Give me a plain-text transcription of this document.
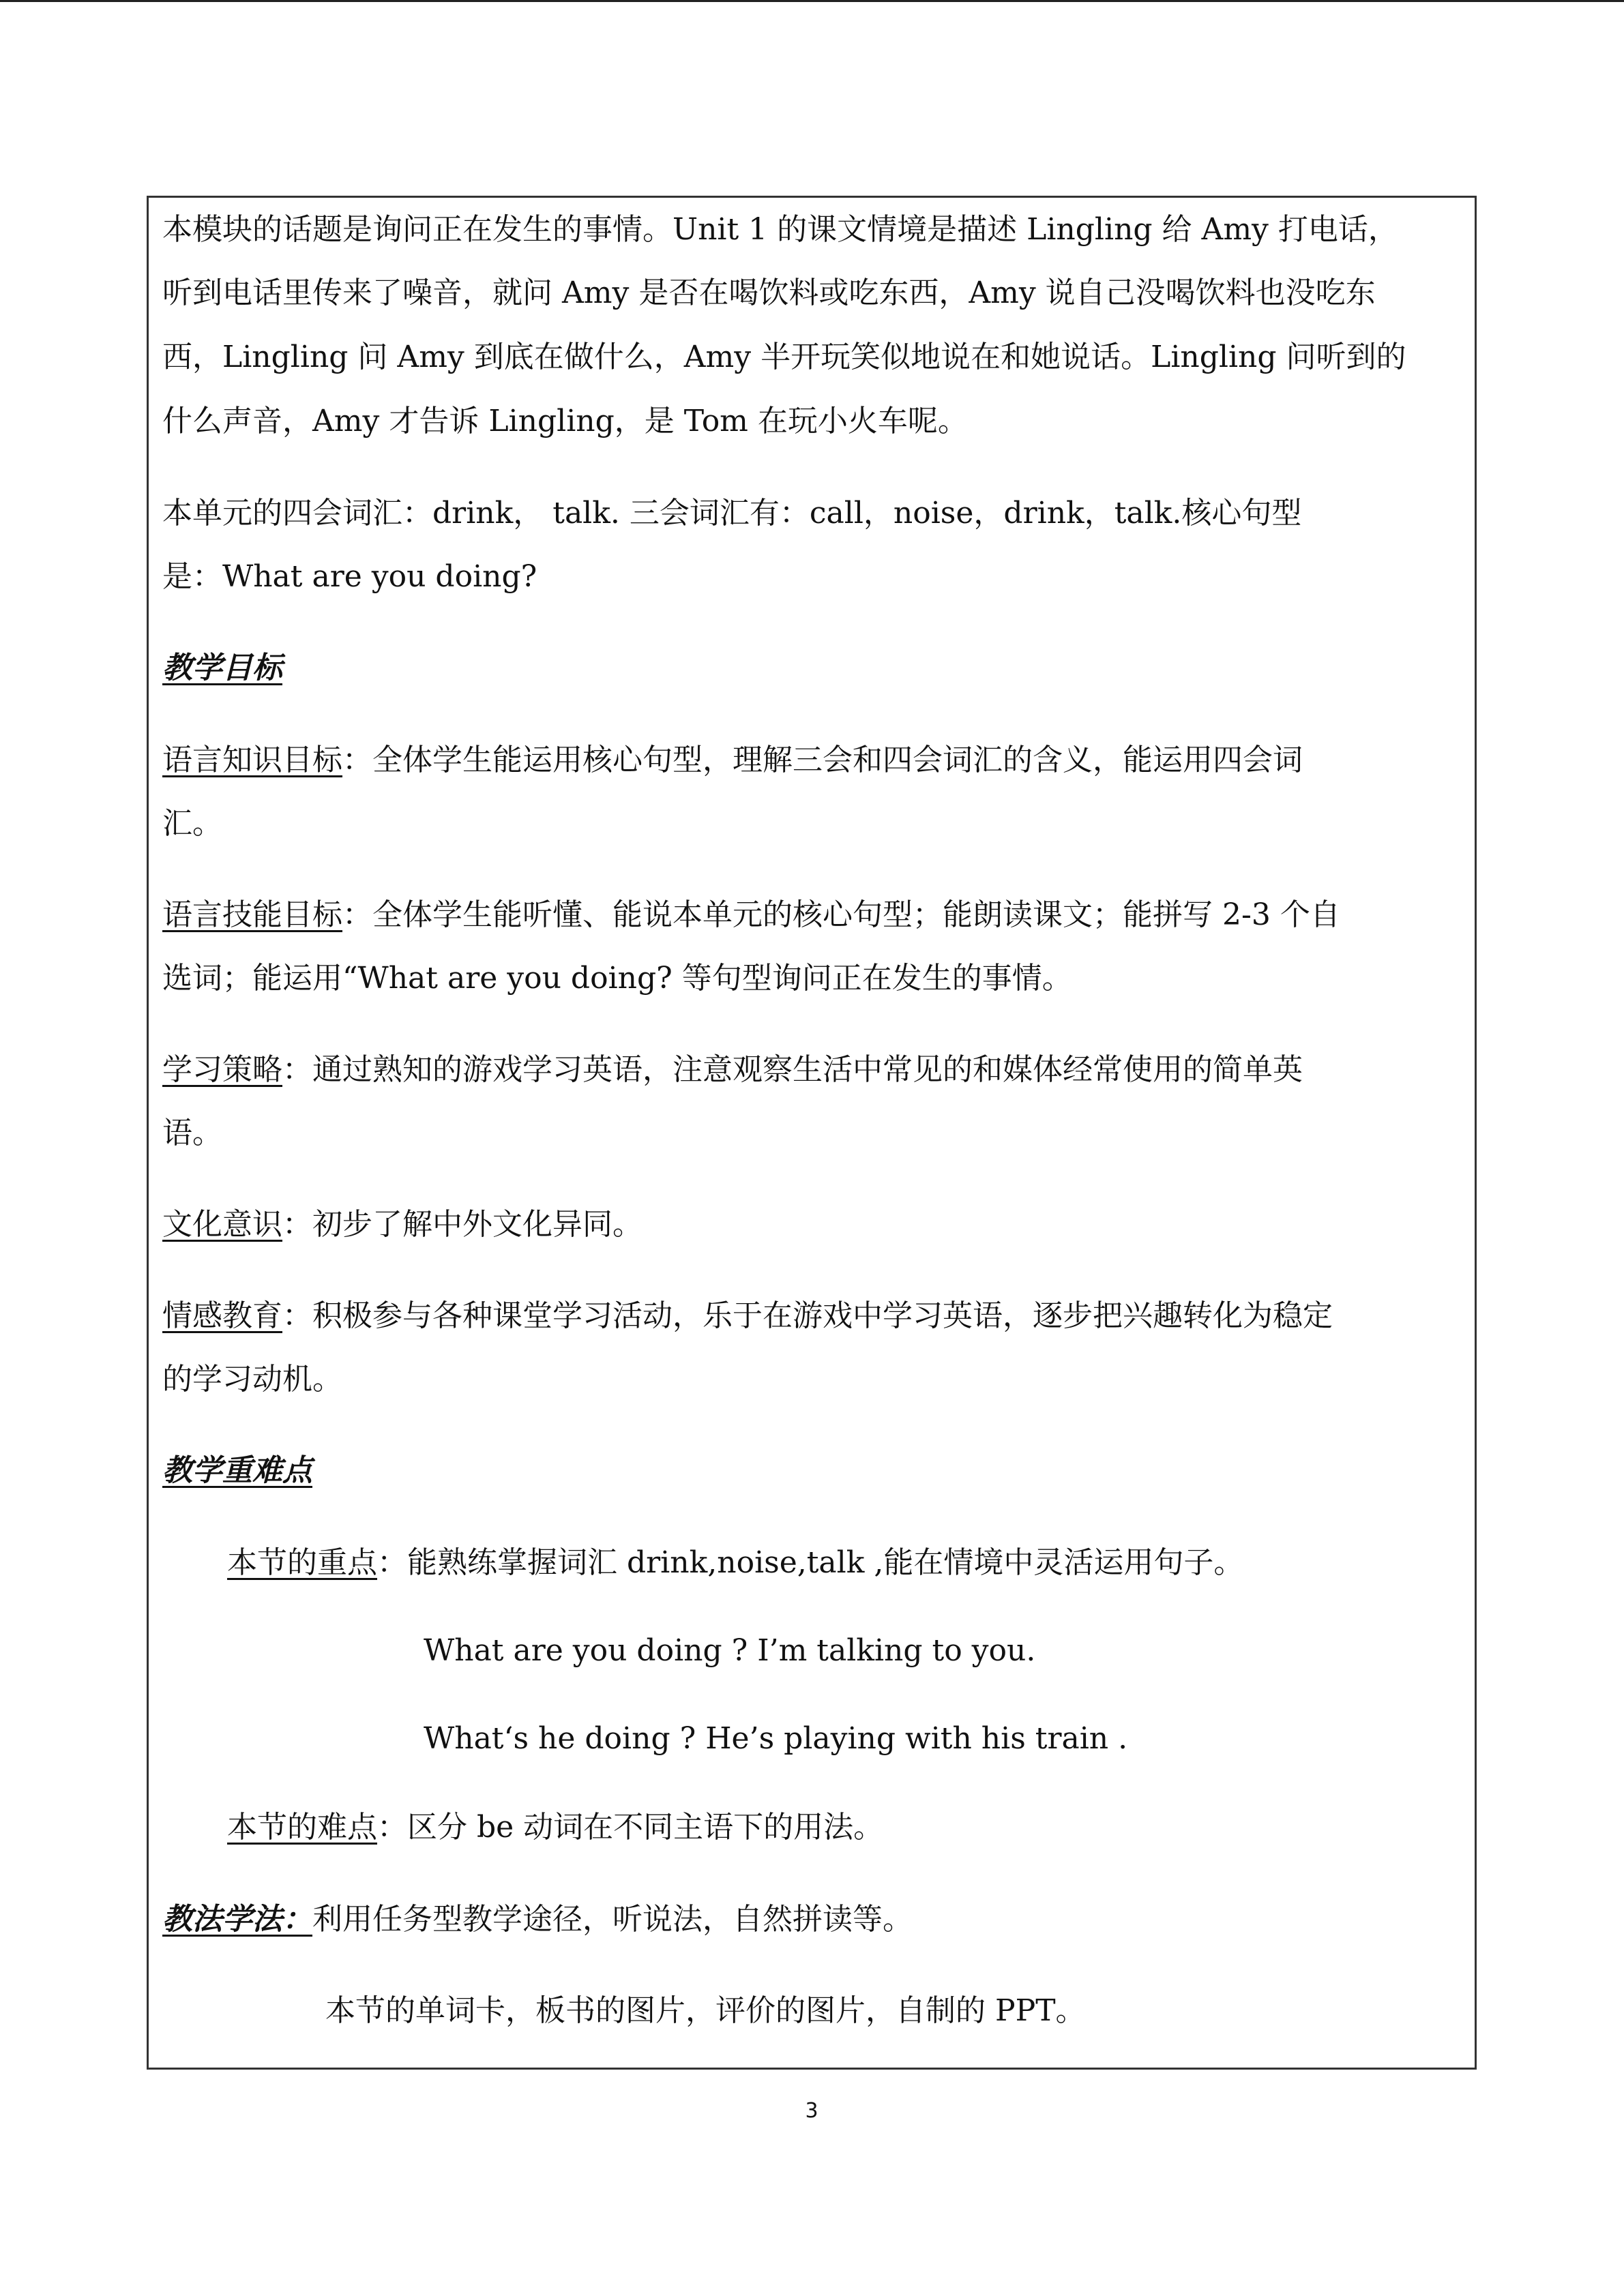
本模块的话题是询问正在发生的事情。Unit 1 的课文情境是描述 Lingling 给 Amy 打电话，
听到电话里传来了噪音，就问 Amy 是否在喝饮料或吃东西，Amy 说自己没喝饮料也没吃东
西，Lingling 问 Amy 到底在做什么，Amy 半开玩笑似地说在和她说话。Lingling 问听到的
什么声音，Amy 才告诉 Lingling，是 Tom 在玩小火车呢。
本单元的四会词汇：drink， talk. 三会词汇有：call，noise，drink，talk.核心句型
是：What are you doing?
教学目标
语言知识目标：全体学生能运用核心句型，理解三会和四会词汇的含义，能运用四会词
汇。
语言技能目标：全体学生能听懂、能说本单元的核心句型；能朗读课文；能拼写 2-3 个自
选词；能运用“What are you doing? 等句型询问正在发生的事情。
学习策略：通过熟知的游戏学习英语，注意观察生活中常见的和媒体经常使用的简单英
语。
文化意识：初步了解中外文化异同。
情感教育：积极参与各种课堂学习活动，乐于在游戏中学习英语，逐步把兴趣转化为稳定
的学习动机。
教学重难点
本节的重点：能熟练掌握词汇 drink,noise,talk ,能在情境中灵活运用句子。
What are you doing ? I’m talking to you.
What‘s he doing ? He’s playing with his train .
本节的难点：区分 be 动词在不同主语下的用法。
教法学法：利用任务型教学途径，听说法，自然拼读等。
本节的单词卡，板书的图片，评价的图片，自制的 PPT。
3
